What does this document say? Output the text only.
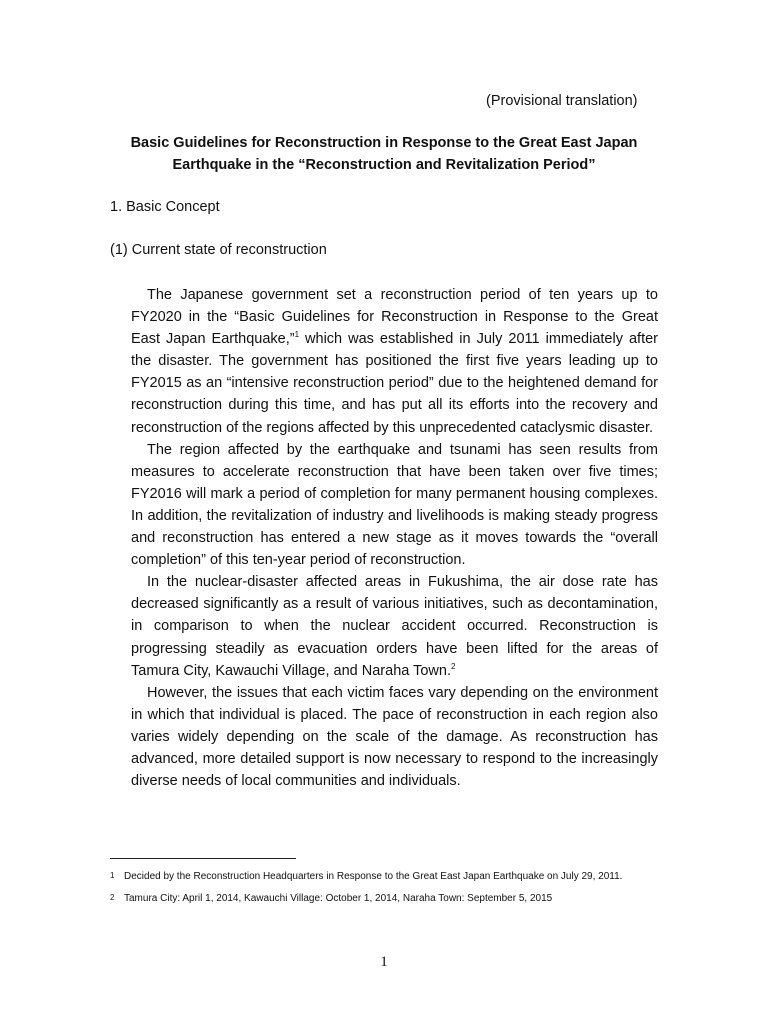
(Provisional translation)
Basic Guidelines for Reconstruction in Response to the Great East Japan
Earthquake in the “Reconstruction and Revitalization Period”
1. Basic Concept
(1) Current state of reconstruction

The Japanese government set a reconstruction period of ten years up to FY2020 in the “Basic Guidelines for Reconstruction in Response to the Great East Japan Earthquake,”$^1$ which was established in July 2011 immediately after the disaster. The government has positioned the first five years leading up to FY2015 as an “intensive reconstruction period” due to the heightened demand for reconstruction during this time, and has put all its efforts into the recovery and reconstruction of the regions affected by this unprecedented cataclysmic disaster.

The region affected by the earthquake and tsunami has seen results from measures to accelerate reconstruction that have been taken over five times; FY2016 will mark a period of completion for many permanent housing complexes. In addition, the revitalization of industry and livelihoods is making steady progress and reconstruction has entered a new stage as it moves towards the “overall completion” of this ten-year period of reconstruction.

In the nuclear-disaster affected areas in Fukushima, the air dose rate has decreased significantly as a result of various initiatives, such as decontamination, in comparison to when the nuclear accident occurred. Reconstruction is progressing steadily as evacuation orders have been lifted for the areas of Tamura City, Kawauchi Village, and Naraha Town.$^2$

However, the issues that each victim faces vary depending on the environment in which that individual is placed. The pace of reconstruction in each region also varies widely depending on the scale of the damage. As reconstruction has advanced, more detailed support is now necessary to respond to the increasingly diverse needs of local communities and individuals.

1 Decided by the Reconstruction Headquarters in Response to the Great East Japan Earthquake on July 29, 2011.

2 Tamura City: April 1, 2014, Kawauchi Village: October 1, 2014, Naraha Town: September 5, 2015

1
